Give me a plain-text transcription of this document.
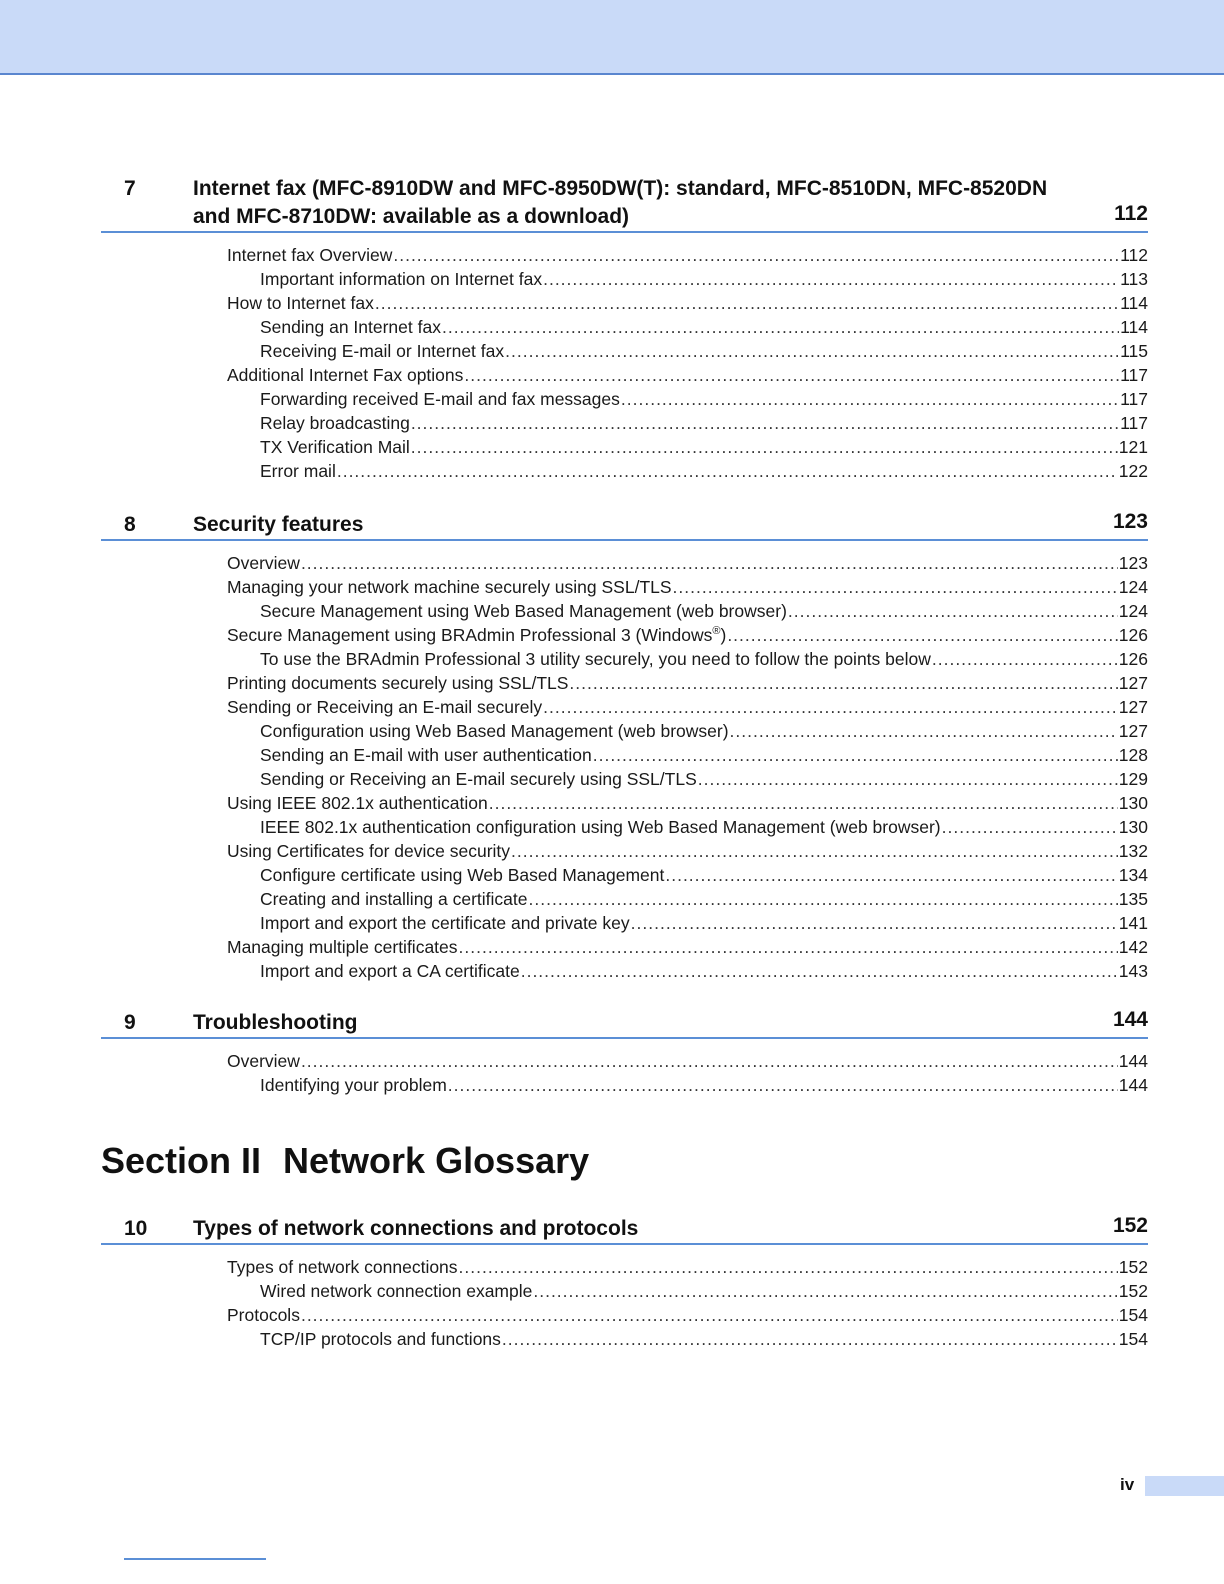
7	Internet fax (MFC-8910DW and MFC-8950DW(T): standard, MFC-8510DN, MFC-8520DN and MFC-8710DW: available as a download)	112
Internet fax Overview .....	112
Important information on Internet fax .....	113
How to Internet fax .....	114
Sending an Internet fax .....	114
Receiving E-mail or Internet fax .....	115
Additional Internet Fax options .....	117
Forwarding received E-mail and fax messages .....	117
Relay broadcasting .....	117
TX Verification Mail .....	121
Error mail .....	122
8	Security features	123
Overview .....	123
Managing your network machine securely using SSL/TLS .....	124
Secure Management using Web Based Management (web browser) .....	124
Secure Management using BRAdmin Professional 3 (Windows®) .....	126
To use the BRAdmin Professional 3 utility securely, you need to follow the points below .....	126
Printing documents securely using SSL/TLS .....	127
Sending or Receiving an E-mail securely .....	127
Configuration using Web Based Management (web browser) .....	127
Sending an E-mail with user authentication .....	128
Sending or Receiving an E-mail securely using SSL/TLS .....	129
Using IEEE 802.1x authentication .....	130
IEEE 802.1x authentication configuration using Web Based Management (web browser) .....	130
Using Certificates for device security .....	132
Configure certificate using Web Based Management .....	134
Creating and installing a certificate .....	135
Import and export the certificate and private key .....	141
Managing multiple certificates .....	142
Import and export a CA certificate .....	143
9	Troubleshooting	144
Overview .....	144
Identifying your problem .....	144
Section II Network Glossary
10 Types of network connections and protocols	152
Types of network connections .....	152
Wired network connection example .....	152
Protocols .....	154
TCP/IP protocols and functions .....	154
iv
